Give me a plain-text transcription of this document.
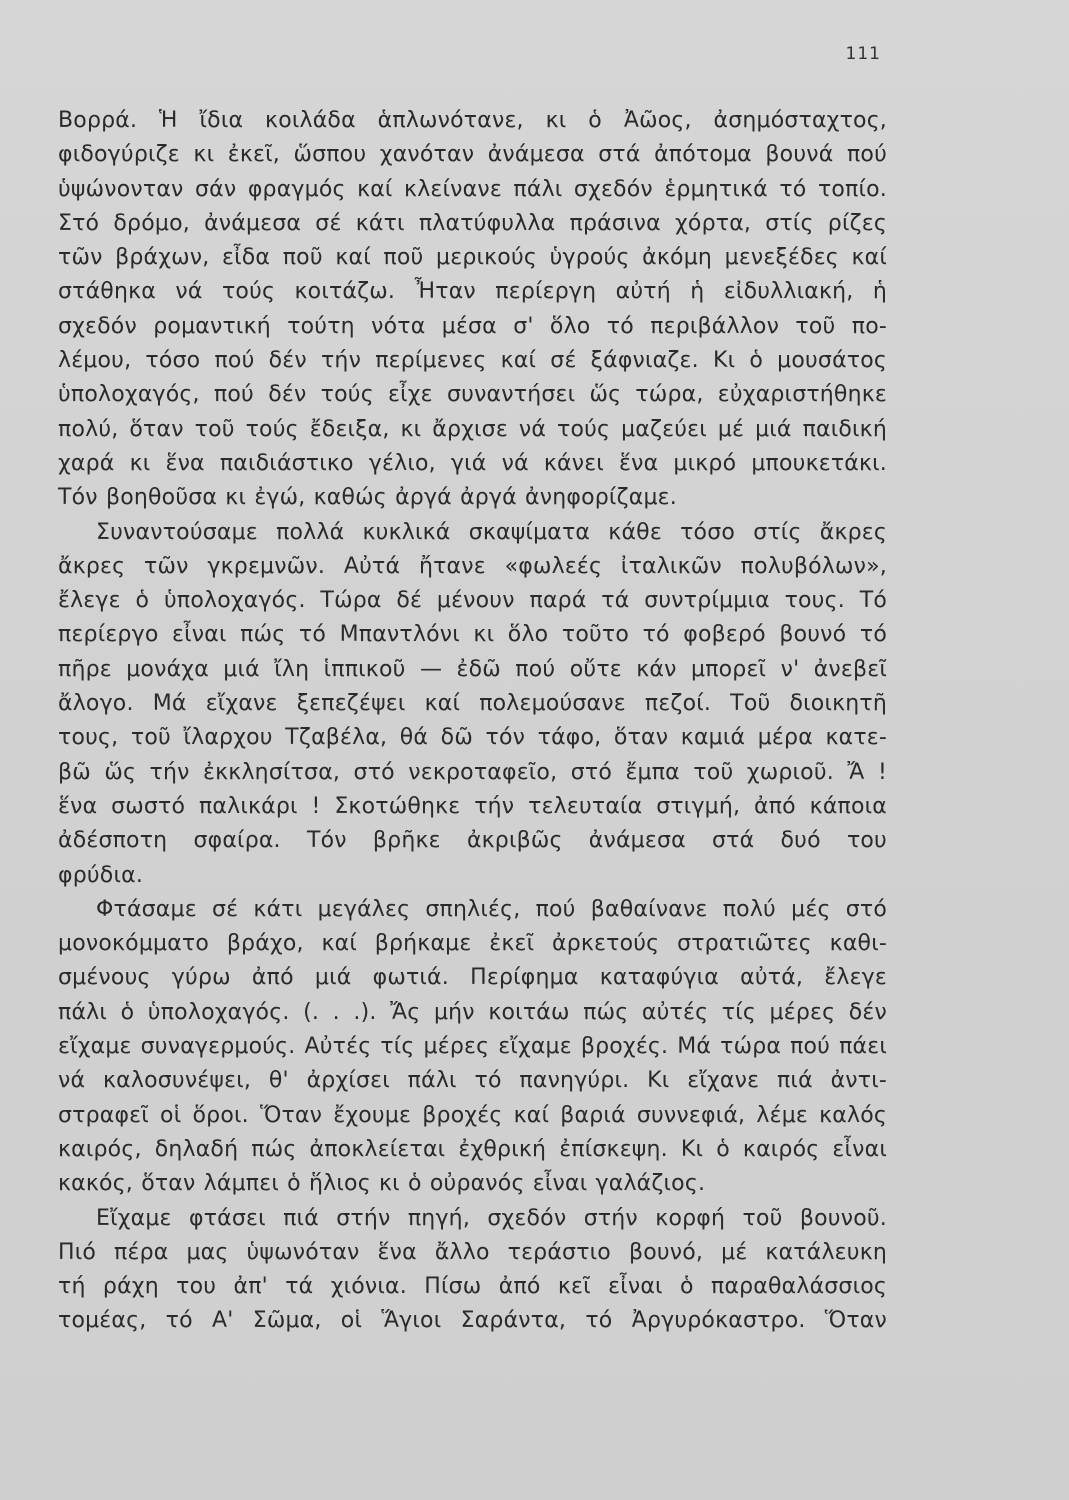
111
Βορρά. Ἡ ἴδια κοιλάδα ἁπλωνότανε, κι ὁ Ἀῶος, ἀσημόσταχτος,
φιδογύριζε κι ἐκεῖ, ὥσπου χανόταν ἀνάμεσα στά ἀπότομα βουνά πού
ὑψώνονταν σάν φραγμός καί κλείνανε πάλι σχεδόν ἑρμητικά τό τοπίο.
Στό δρόμο, ἀνάμεσα σέ κάτι πλατύφυλλα πράσινα χόρτα, στίς ρίζες
τῶν βράχων, εἶδα ποῦ καί ποῦ μερικούς ὑγρούς ἀκόμη μενεξέδες καί
στάθηκα νά τούς κοιτάζω. Ἦταν περίεργη αὐτή ἡ εἰδυλλιακή, ἡ
σχεδόν ρομαντική τούτη νότα μέσα σ' ὅλο τό περιβάλλον τοῦ πο-
λέμου, τόσο πού δέν τήν περίμενες καί σέ ξάφνιαζε. Κι ὁ μουσάτος
ὑπολοχαγός, πού δέν τούς εἶχε συναντήσει ὥς τώρα, εὐχαριστήθηκε
πολύ, ὅταν τοῦ τούς ἔδειξα, κι ἄρχισε νά τούς μαζεύει μέ μιά παιδική
χαρά κι ἕνα παιδιάστικο γέλιο, γιά νά κάνει ἕνα μικρό μπουκετάκι.
Τόν βοηθοῦσα κι ἐγώ, καθώς ἀργά ἀργά ἀνηφορίζαμε.
Συναντούσαμε πολλά κυκλικά σκαψίματα κάθε τόσο στίς ἄκρες
ἄκρες τῶν γκρεμνῶν. Αὐτά ἤτανε «φωλεές ἰταλικῶν πολυβόλων»,
ἔλεγε ὁ ὑπολοχαγός. Τώρα δέ μένουν παρά τά συντρίμμια τους. Τό
περίεργο εἶναι πώς τό Μπαντλόνι κι ὅλο τοῦτο τό φοβερό βουνό τό
πῆρε μονάχα μιά ἴλη ἱππικοῦ — ἐδῶ πού οὔτε κάν μπορεῖ ν' ἀνεβεῖ
ἄλογο. Μά εἴχανε ξεπεζέψει καί πολεμούσανε πεζοί. Τοῦ διοικητῆ
τους, τοῦ ἴλαρχου Τζαβέλα, θά δῶ τόν τάφο, ὅταν καμιά μέρα κατε-
βῶ ὥς τήν ἐκκλησίτσα, στό νεκροταφεῖο, στό ἔμπα τοῦ χωριοῦ. Ἄ !
ἕνα σωστό παλικάρι ! Σκοτώθηκε τήν τελευταία στιγμή, ἀπό κάποια
ἀδέσποτη σφαίρα. Τόν βρῆκε ἀκριβῶς ἀνάμεσα στά δυό του
φρύδια.
Φτάσαμε σέ κάτι μεγάλες σπηλιές, πού βαθαίνανε πολύ μές στό
μονοκόμματο βράχο, καί βρήκαμε ἐκεῖ ἀρκετούς στρατιῶτες καθι-
σμένους γύρω ἀπό μιά φωτιά. Περίφημα καταφύγια αὐτά, ἔλεγε
πάλι ὁ ὑπολοχαγός. (. . .). Ἄς μήν κοιτάω πώς αὐτές τίς μέρες δέν
εἴχαμε συναγερμούς. Αὐτές τίς μέρες εἴχαμε βροχές. Μά τώρα πού πάει
νά καλοσυνέψει, θ' ἀρχίσει πάλι τό πανηγύρι. Κι εἴχανε πιά ἀντι-
στραφεῖ οἱ ὅροι. Ὅταν ἔχουμε βροχές καί βαριά συννεφιά, λέμε καλός
καιρός, δηλαδή πώς ἀποκλείεται ἐχθρική ἐπίσκεψη. Κι ὁ καιρός εἶναι
κακός, ὅταν λάμπει ὁ ἥλιος κι ὁ οὐρανός εἶναι γαλάζιος.
Εἴχαμε φτάσει πιά στήν πηγή, σχεδόν στήν κορφή τοῦ βουνοῦ.
Πιό πέρα μας ὑψωνόταν ἕνα ἄλλο τεράστιο βουνό, μέ κατάλευκη
τή ράχη του ἀπ' τά χιόνια. Πίσω ἀπό κεῖ εἶναι ὁ παραθαλάσσιος
τομέας, τό Α' Σῶμα, οἱ Ἅγιοι Σαράντα, τό Ἀργυρόκαστρο. Ὅταν
